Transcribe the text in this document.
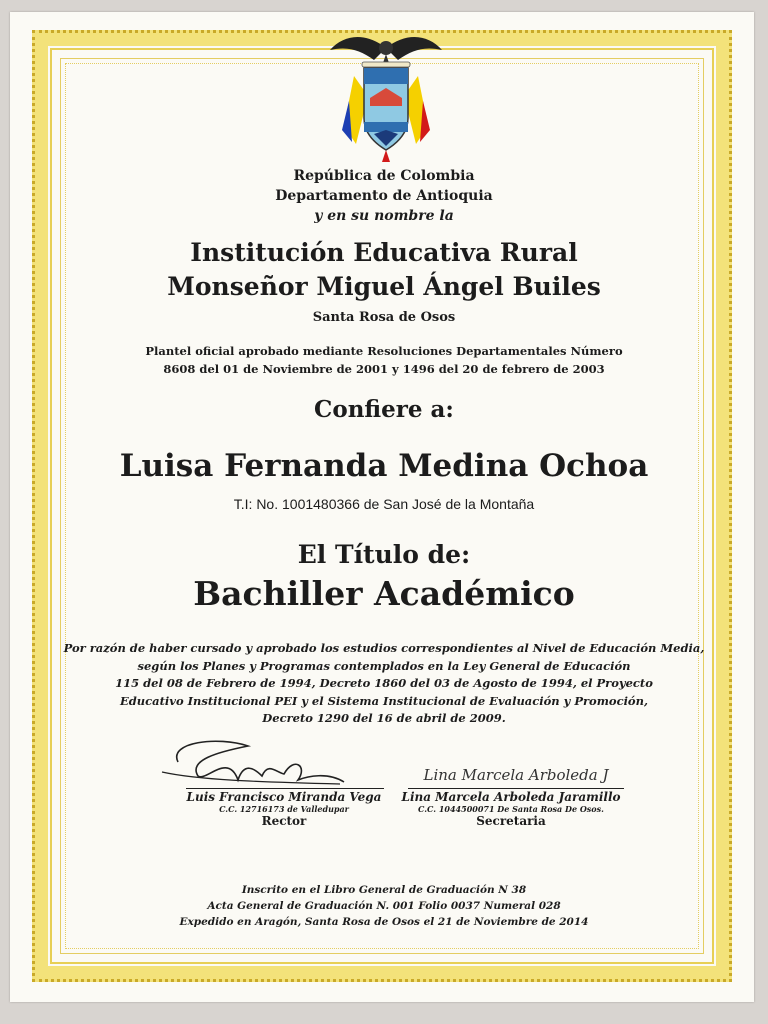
República de Colombia
Departamento de Antioquia
y en su nombre la
Institución Educativa Rural
Monseñor Miguel Ángel Builes
Santa Rosa de Osos
Plantel oficial aprobado mediante Resoluciones Departamentales Número
8608 del 01 de Noviembre de 2001 y 1496 del 20 de febrero de 2003
Confiere a:
Luisa Fernanda Medina Ochoa
T.I: No. 1001480366 de San José de la Montaña
El Título de:
Bachiller Académico
Por razón de haber cursado y aprobado los estudios correspondientes al Nivel de Educación Media,
según los Planes y Programas contemplados en la Ley General de Educación
115 del 08 de Febrero de 1994, Decreto 1860 del 03 de Agosto de 1994, el Proyecto
Educativo Institucional PEI y el Sistema Institucional de Evaluación y Promoción,
Decreto 1290 del 16 de abril de 2009.
Lina Marcela Arboleda J
Luis Francisco Miranda Vega
C.C. 12716173 de Valledupar
Rector
Lina Marcela Arboleda Jaramillo
C.C. 1044500071 De Santa Rosa De Osos.
Secretaria
Inscrito en el Libro General de Graduación N 38
Acta General de Graduación N. 001 Folio 0037 Numeral 028
Expedido en Aragón, Santa Rosa de Osos el 21 de Noviembre de 2014
